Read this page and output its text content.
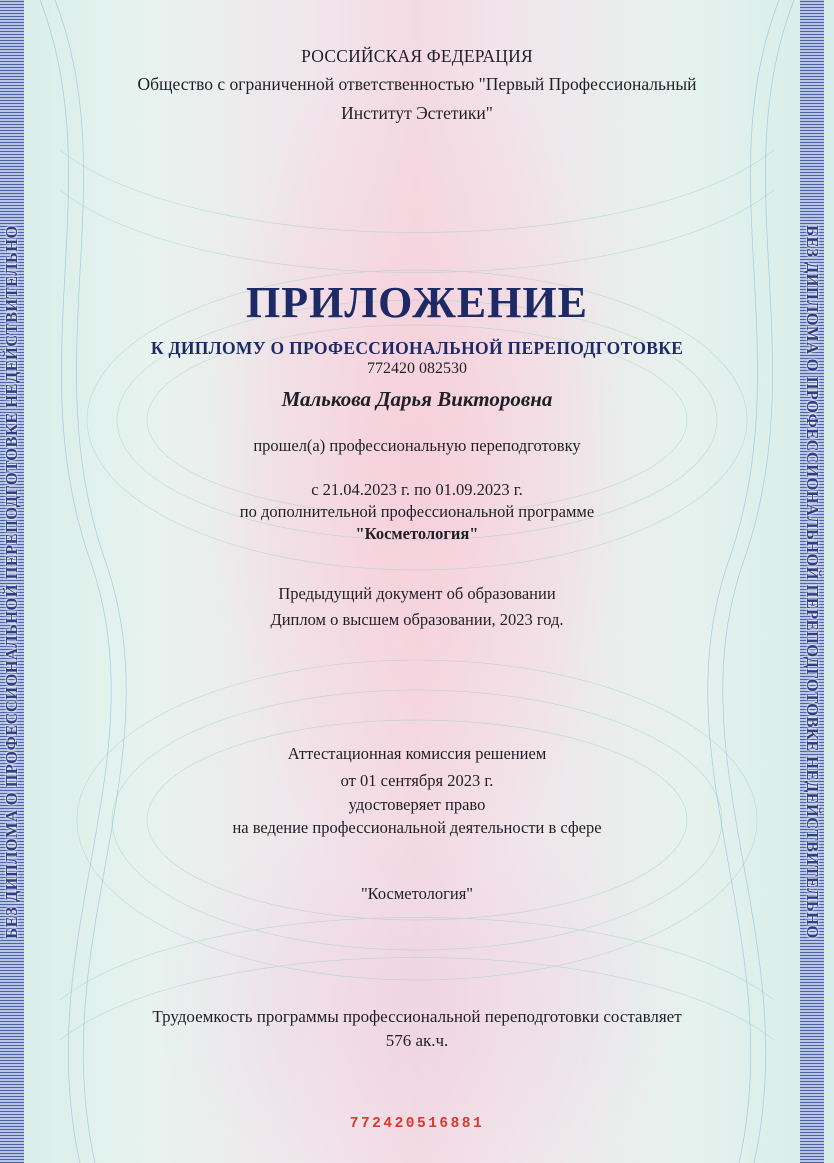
БЕЗ ДИПЛОМА О ПРОФЕССИОНАЛЬНОЙ ПЕРЕПОДГОТОВКЕ НЕДЕЙСТВИТЕЛЬНО	БЕЗ ДИПЛОМА О ПРОФЕССИОНАЛЬНОЙ ПЕРЕПОДГОТОВКЕ НЕДЕЙСТВИТЕЛЬНО
РОССИЙСКАЯ ФЕДЕРАЦИЯ
Общество с ограниченной ответственностью "Первый Профессиональный
Институт Эстетики"
ПРИЛОЖЕНИЕ
К ДИПЛОМУ О ПРОФЕССИОНАЛЬНОЙ ПЕРЕПОДГОТОВКЕ
772420 082530
Малькова Дарья Викторовна
прошел(а) профессиональную переподготовку
с 21.04.2023 г. по 01.09.2023 г.
по дополнительной профессиональной программе
"Косметология"
Предыдущий документ об образовании
Диплом о высшем образовании, 2023 год.
Аттестационная комиссия решением
от 01 сентября 2023 г.
удостоверяет право
на ведение профессиональной деятельности в сфере
"Косметология"
Трудоемкость программы профессиональной переподготовки составляет
576 ак.ч.
772420516881
